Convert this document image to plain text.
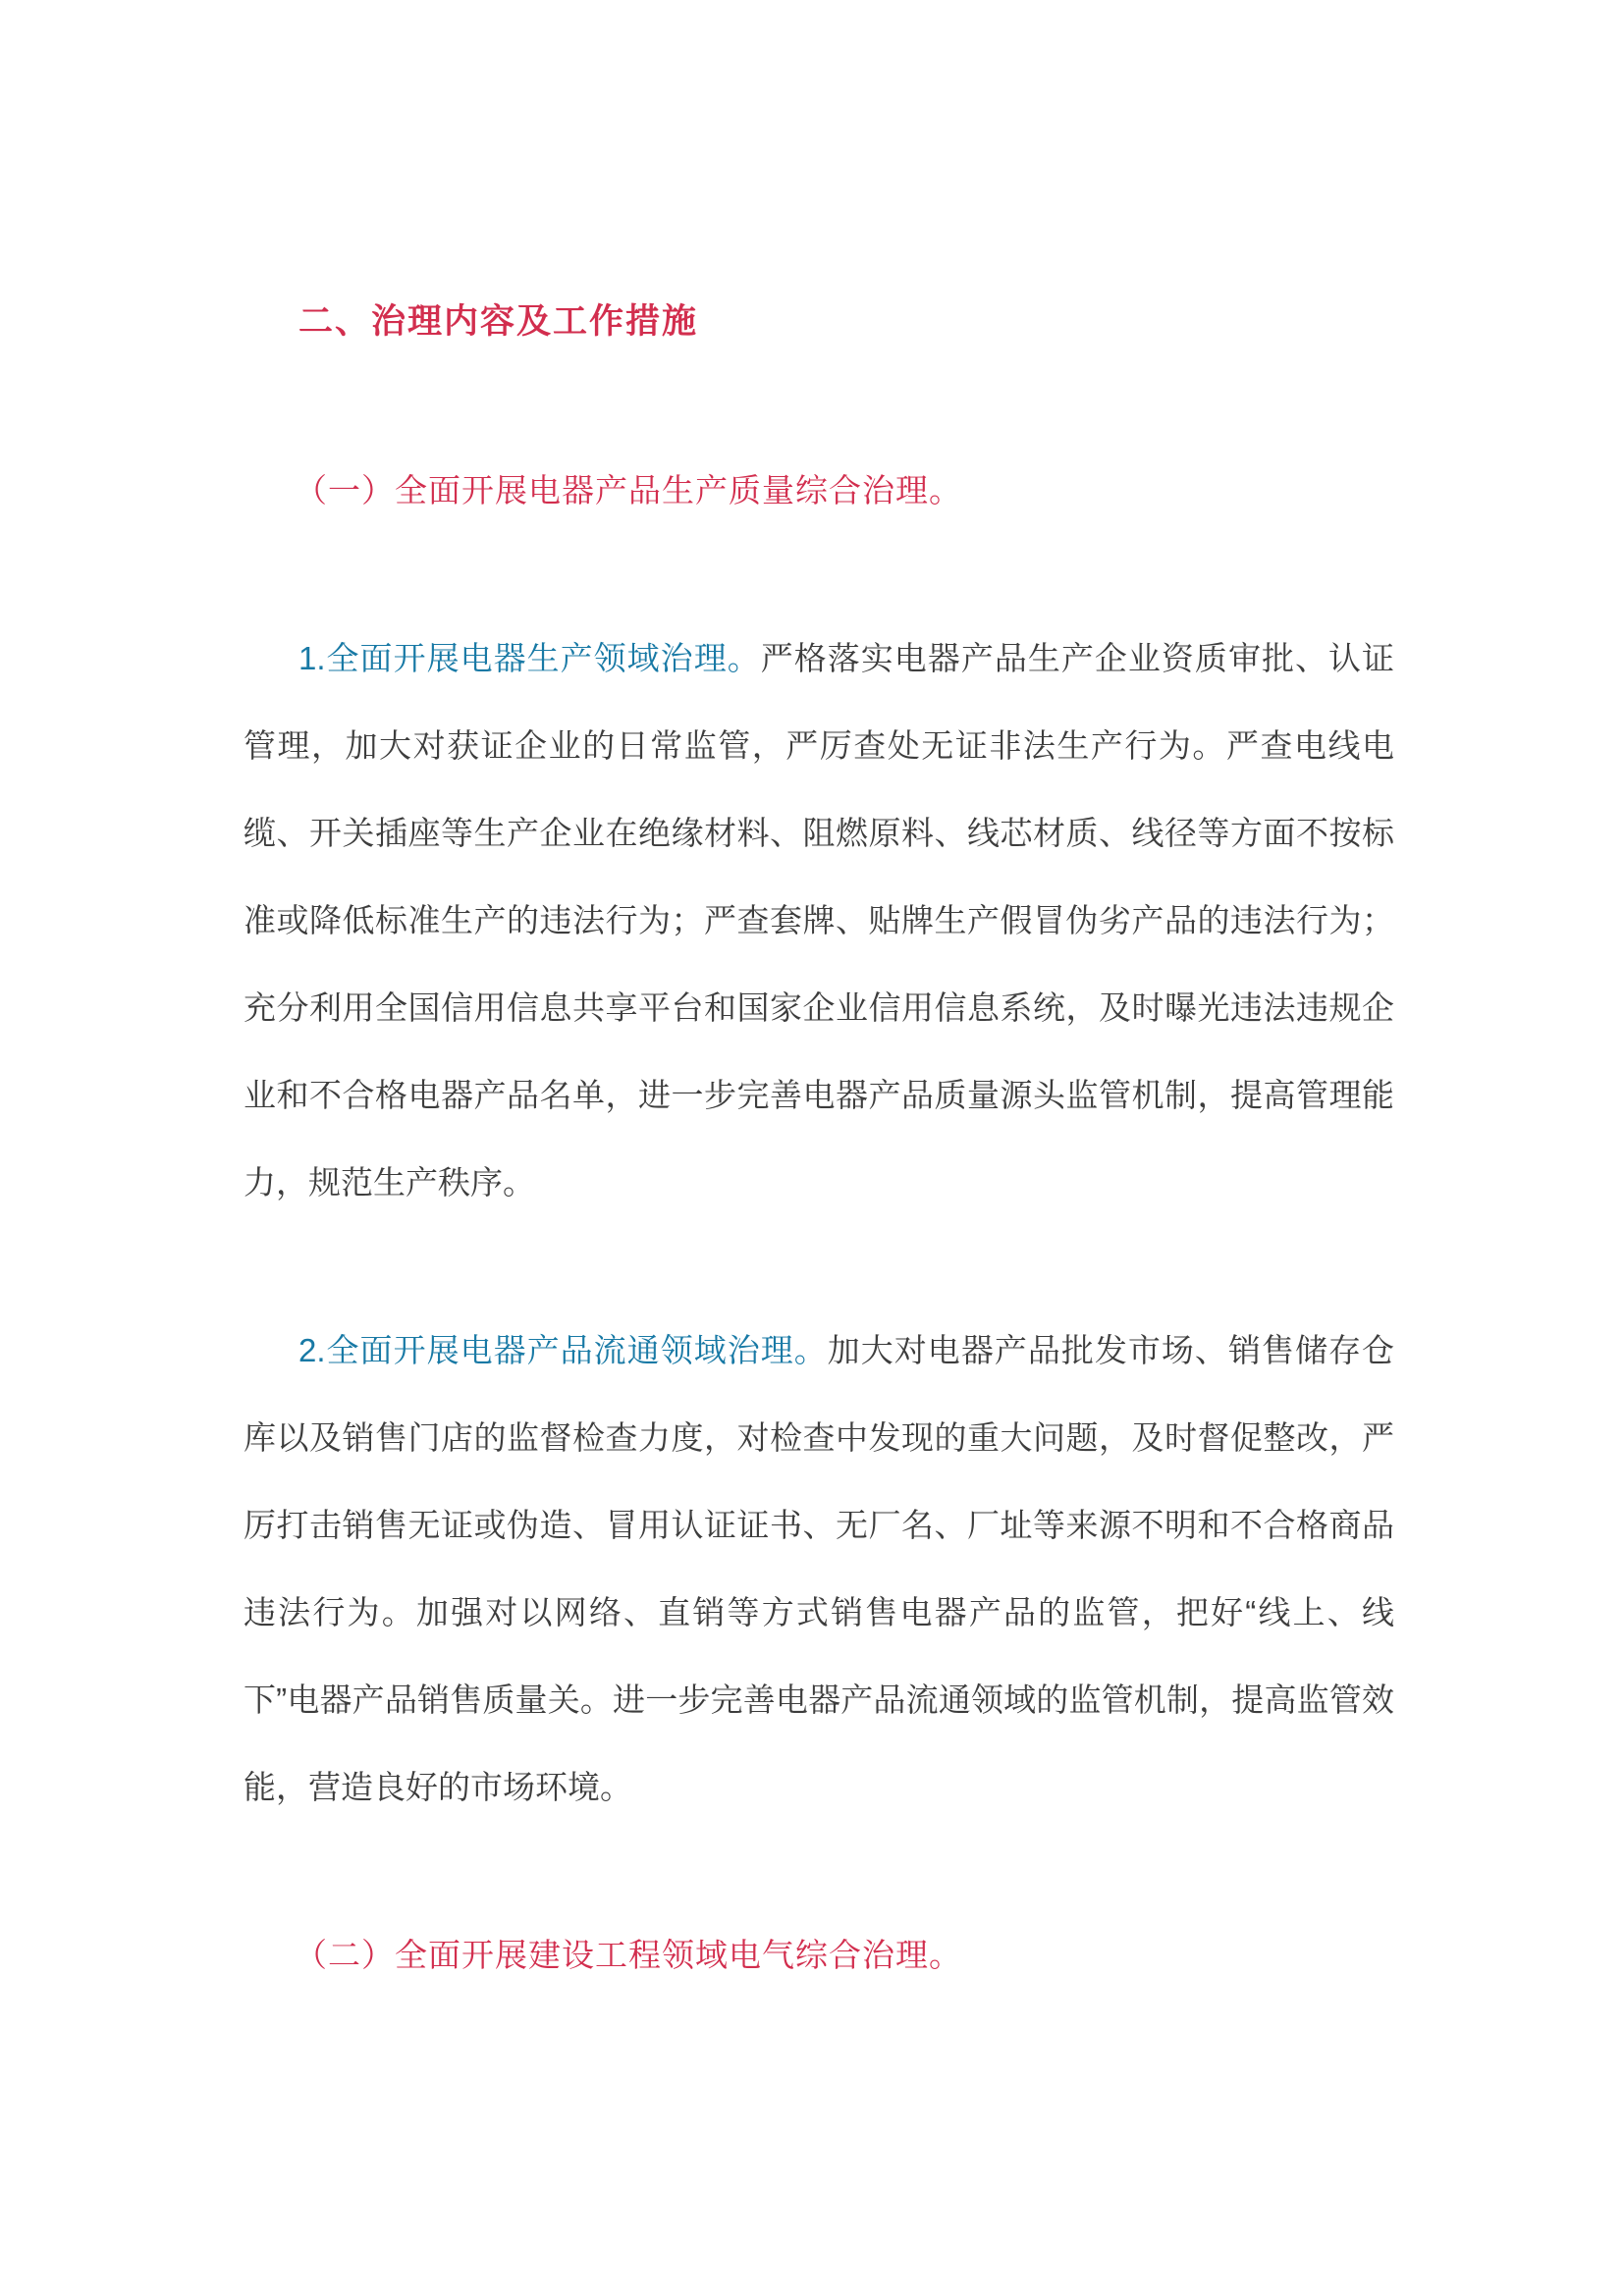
二、治理内容及工作措施

（一）全面开展电器产品生产质量综合治理。

1.全面开展电器生产领域治理。严格落实电器产品生产企业资质审批、认证管理，加大对获证企业的日常监管，严厉查处无证非法生产行为。严查电线电缆、开关插座等生产企业在绝缘材料、阻燃原料、线芯材质、线径等方面不按标准或降低标准生产的违法行为；严查套牌、贴牌生产假冒伪劣产品的违法行为；充分利用全国信用信息共享平台和国家企业信用信息系统，及时曝光违法违规企业和不合格电器产品名单，进一步完善电器产品质量源头监管机制，提高管理能力，规范生产秩序。

2.全面开展电器产品流通领域治理。加大对电器产品批发市场、销售储存仓库以及销售门店的监督检查力度，对检查中发现的重大问题，及时督促整改，严厉打击销售无证或伪造、冒用认证证书、无厂名、厂址等来源不明和不合格商品违法行为。加强对以网络、直销等方式销售电器产品的监管，把好“线上、线下”电器产品销售质量关。进一步完善电器产品流通领域的监管机制，提高监管效能，营造良好的市场环境。

（二）全面开展建设工程领域电气综合治理。
